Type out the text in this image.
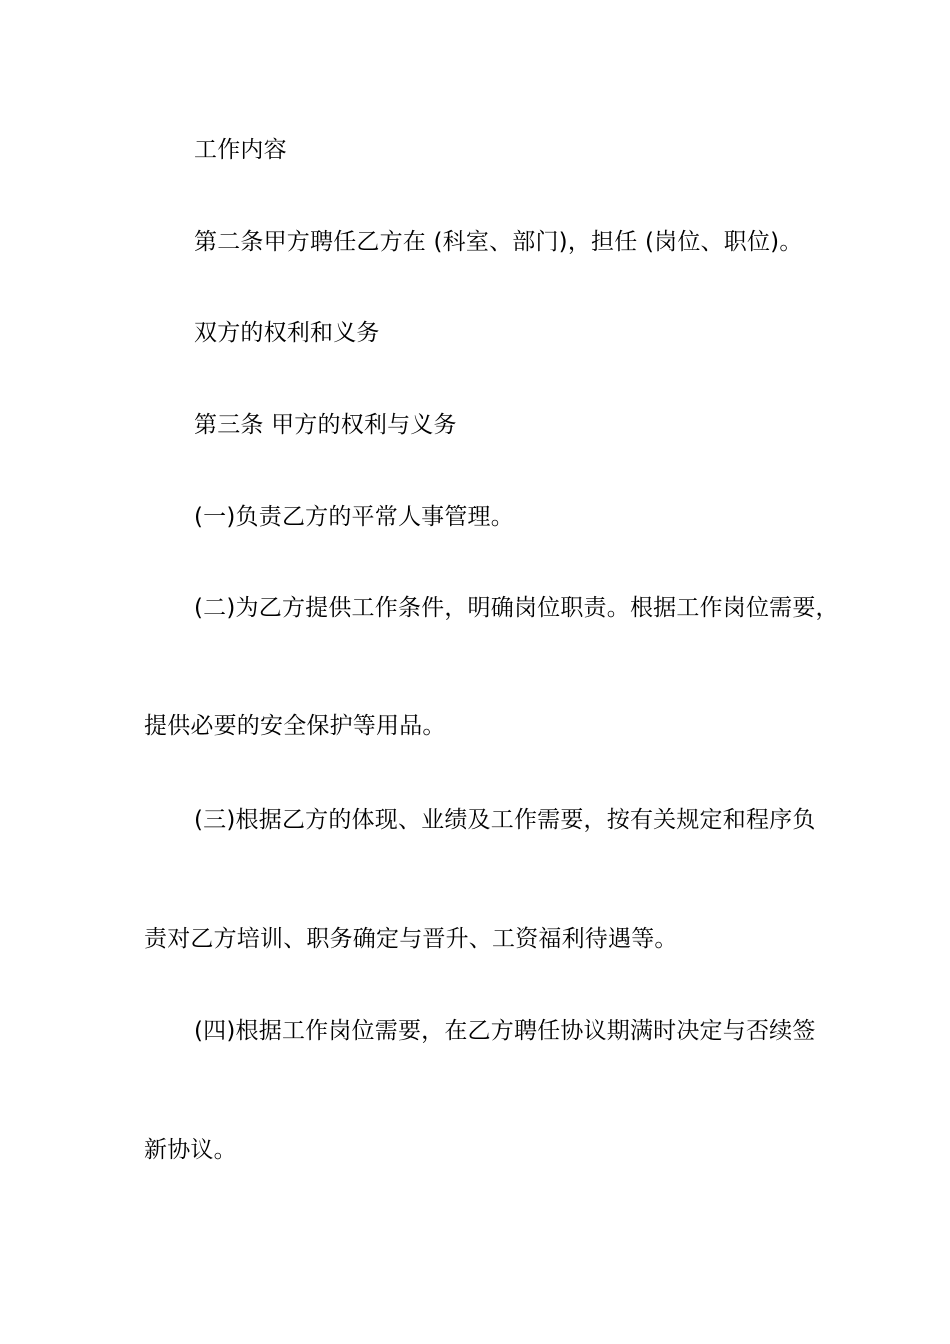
工作内容
第二条甲方聘任乙方在 (科室、部门)，担任 (岗位、职位)。
双方的权利和义务
第三条 甲方的权利与义务
(一)负责乙方的平常人事管理。
(二)为乙方提供工作条件，明确岗位职责。根据工作岗位需要，
提供必要的安全保护等用品。
(三)根据乙方的体现、业绩及工作需要，按有关规定和程序负
责对乙方培训、职务确定与晋升、工资福利待遇等。
(四)根据工作岗位需要，在乙方聘任协议期满时决定与否续签
新协议。
